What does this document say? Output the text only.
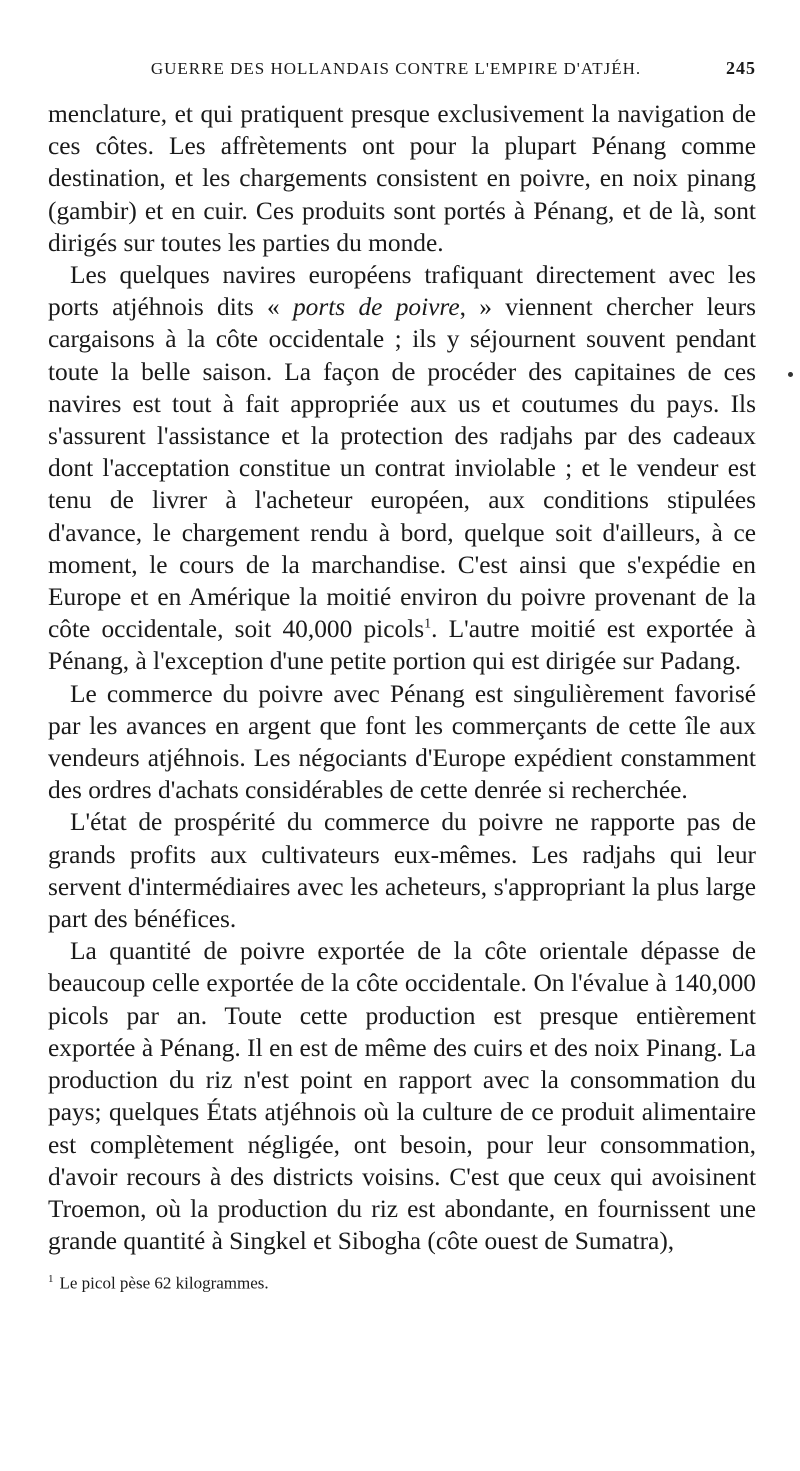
GUERRE DES HOLLANDAIS CONTRE L'EMPIRE D'ATJÉH.	245

menclature, et qui pratiquent presque exclusivement la navigation de ces côtes. Les affrètements ont pour la plupart Pénang comme destination, et les chargements consistent en poivre, en noix pinang (gambir) et en cuir. Ces produits sont portés à Pénang, et de là, sont dirigés sur toutes les parties du monde.

Les quelques navires européens trafiquant directement avec les ports atjéhnois dits « ports de poivre, » viennent chercher leurs cargaisons à la côte occidentale ; ils y séjournent souvent pendant toute la belle saison. La façon de procéder des capitaines de ces navires est tout à fait appropriée aux us et coutumes du pays. Ils s'assurent l'assistance et la protection des radjahs par des cadeaux dont l'acceptation constitue un contrat inviolable ; et le vendeur est tenu de livrer à l'acheteur européen, aux conditions stipulées d'avance, le chargement rendu à bord, quelque soit d'ailleurs, à ce moment, le cours de la marchandise. C'est ainsi que s'expédie en Europe et en Amérique la moitié environ du poivre provenant de la côte occidentale, soit 40,000 picols$^1$. L'autre moitié est exportée à Pénang, à l'exception d'une petite portion qui est dirigée sur Padang.

Le commerce du poivre avec Pénang est singulièrement favorisé par les avances en argent que font les commerçants de cette île aux vendeurs atjéhnois. Les négociants d'Europe expédient constamment des ordres d'achats considérables de cette denrée si recherchée.

L'état de prospérité du commerce du poivre ne rapporte pas de grands profits aux cultivateurs eux-mêmes. Les radjahs qui leur servent d'intermédiaires avec les acheteurs, s'appropriant la plus large part des bénéfices.

La quantité de poivre exportée de la côte orientale dépasse de beaucoup celle exportée de la côte occidentale. On l'évalue à 140,000 picols par an. Toute cette production est presque entièrement exportée à Pénang. Il en est de même des cuirs et des noix Pinang. La production du riz n'est point en rapport avec la consommation du pays; quelques États atjéhnois où la culture de ce produit alimentaire est complètement négligée, ont besoin, pour leur consommation, d'avoir recours à des districts voisins. C'est que ceux qui avoisinent Troemon, où la production du riz est abondante, en fournissent une grande quantité à Singkel et Sibogha (côte ouest de Sumatra),

$^1$ Le picol pèse 62 kilogrammes.
